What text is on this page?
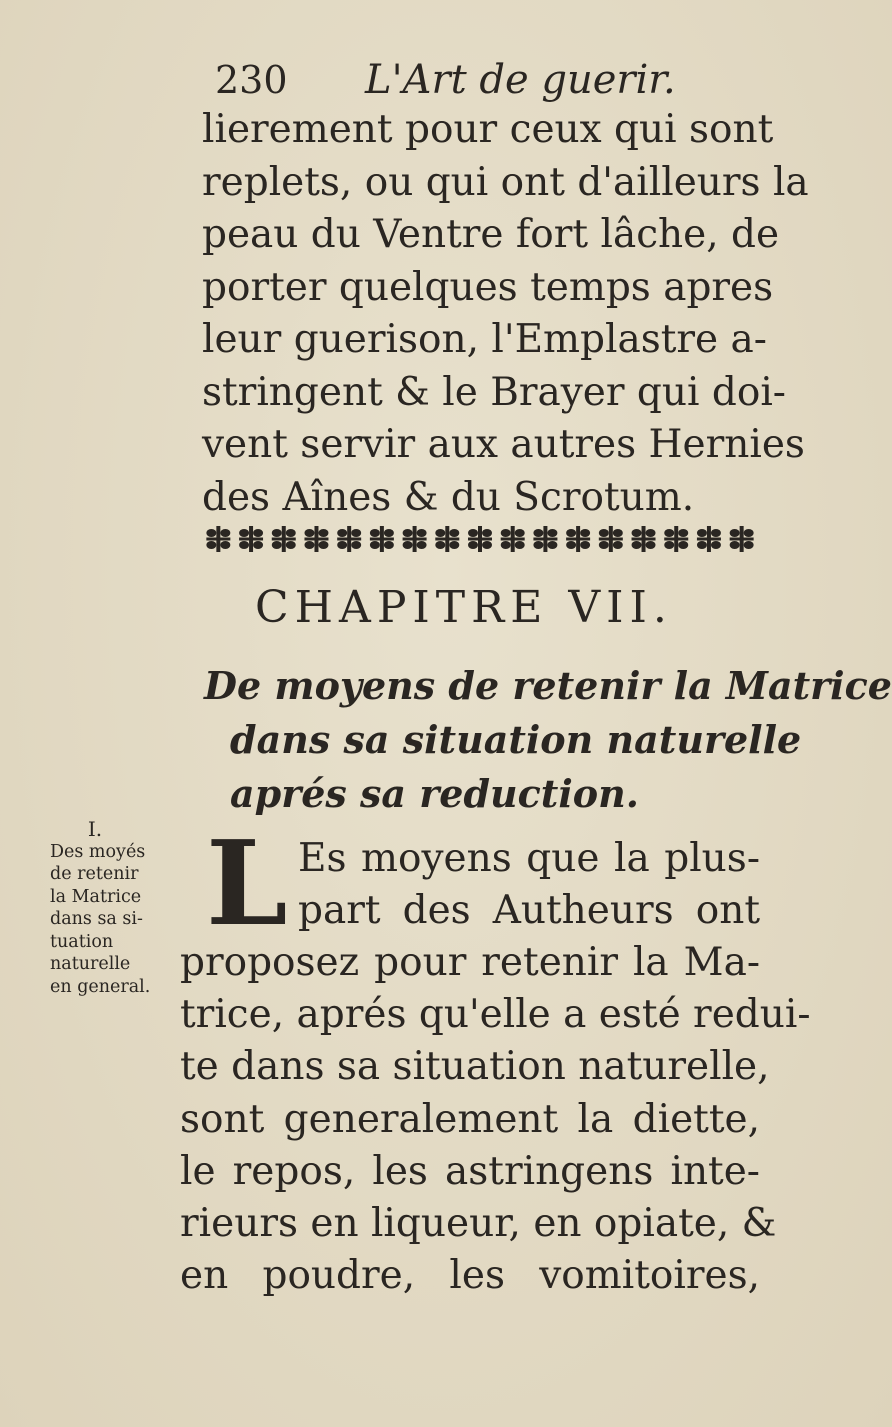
230 L'Art de guerir.
lierement pour ceux qui sont
replets, ou qui ont d'ailleurs la
peau du Ventre fort lâche, de
porter quelques temps apres
leur guerison, l'Emplastre a-
stringent & le Brayer qui doi-
vent servir aux autres Hernies
des Aînes & du Scrotum.
CHAPITRE VII.
De moyens de retenir la Matrice
dans sa situation naturelle
aprés sa reduction.
I.
Des moyés
de retenir
la Matrice
dans sa si-
tuation
naturelle
en general.
L Es moyens que la plus-
part des Autheurs ont
proposez pour retenir la Ma-
trice, aprés qu'elle a esté redui-
te dans sa situation naturelle,
sont generalement la diette,
le repos, les astringens inte-
rieurs en liqueur, en opiate, &
en poudre, les vomitoires,
